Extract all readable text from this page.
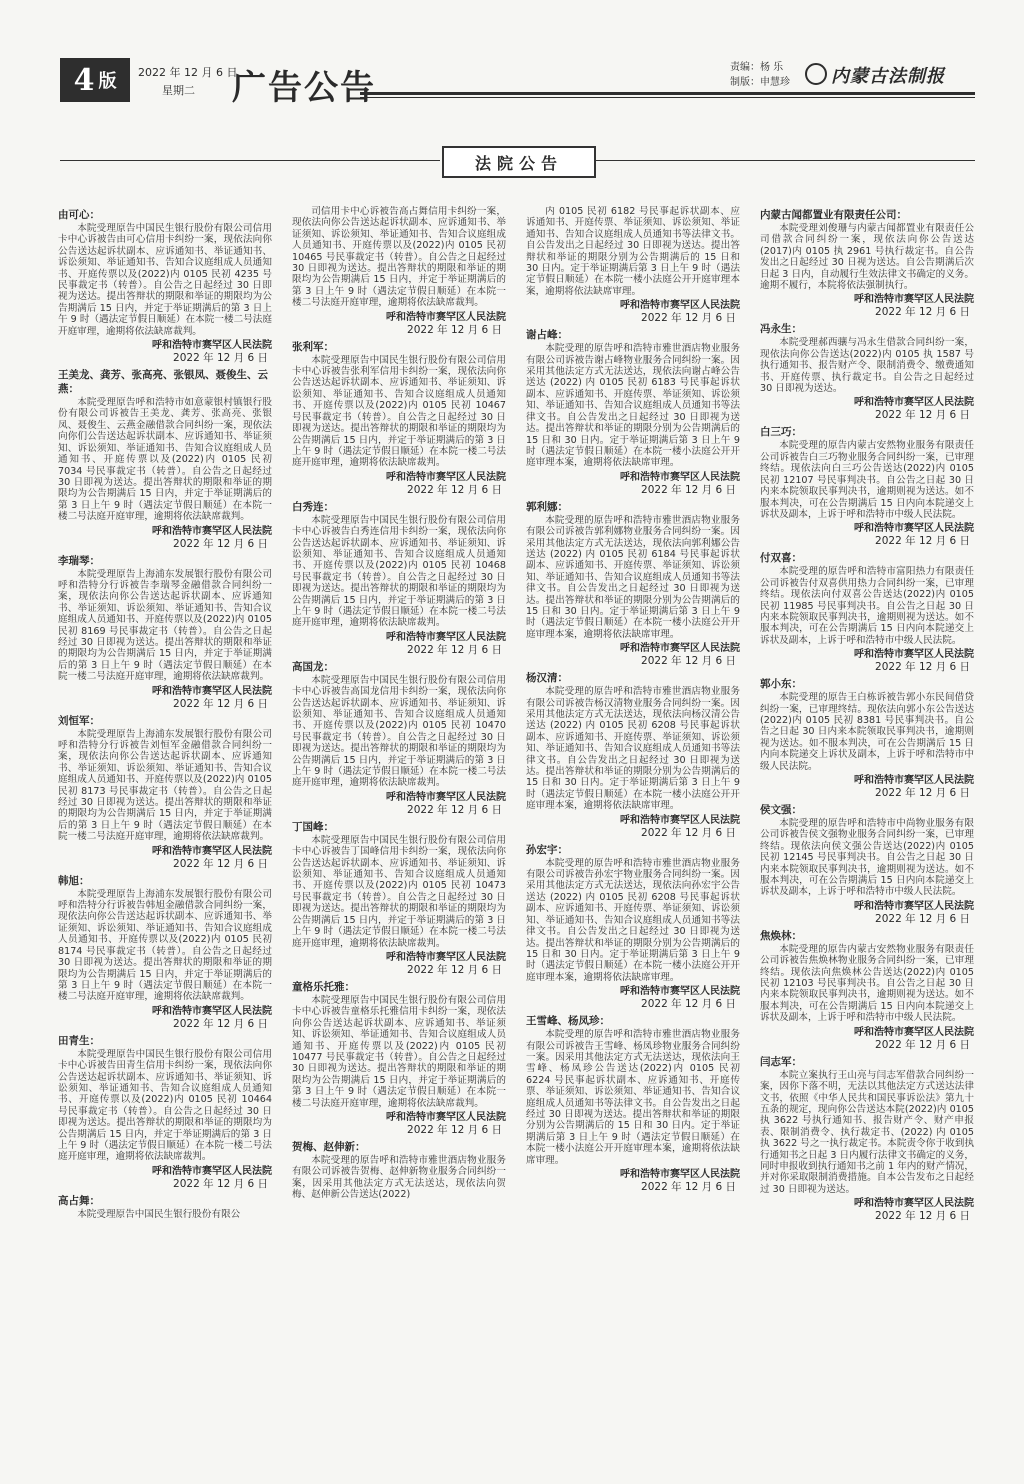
4 版 2022 年 12 月 6 日
星期二	广告公告
责编：杨 乐
制版：申慧珍	内蒙古法制报
法院公告
由可心：

本院受理原告中国民生银行股份有限公司信用卡中心诉被告由可心信用卡纠纷一案，现依法向你公告送达起诉状副本、应诉通知书、举证通知书、诉讼须知、举证通知书、告知合议庭组成人员通知书、开庭传票以及(2022)内 0105 民初 4235 号民事裁定书（转普）。自公告之日起经过 30 日即视为送达。提出答辩状的期限和举证的期限均为公告期满后 15 日内，并定于举证期满后的第 3 日上午 9 时（遇法定节假日顺延）在本院一楼二号法庭开庭审理，逾期将依法缺席裁判。

呼和浩特市赛罕区人民法院
2022 年 12 月 6 日
王美龙、龚芳、张高亮、张银凤、聂俊生、云燕：

本院受理原告呼和浩特市如意蒙银村镇银行股份有限公司诉被告王美龙、龚芳、张高亮、张银凤、聂俊生、云燕金融借款合同纠纷一案，现依法向你们公告送达起诉状副本、应诉通知书、举证须知、诉讼须知、举证通知书、告知合议庭组成人员通知书、开庭传票以及(2022)内 0105 民初 7034 号民事裁定书（转普）。自公告之日起经过 30 日即视为送达。提出答辩状的期限和举证的期限均为公告期满后 15 日内，并定于举证期满后的第 3 日上午 9 时（遇法定节假日顺延）在本院一楼二号法庭开庭审理，逾期将依法缺席裁判。

呼和浩特市赛罕区人民法院
2022 年 12 月 6 日
李瑞琴：

本院受理原告上海浦东发展银行股份有限公司呼和浩特分行诉被告李瑞琴金融借款合同纠纷一案，现依法向你公告送达起诉状副本、应诉通知书、举证须知、诉讼须知、举证通知书、告知合议庭组成人员通知书、开庭传票以及(2022)内 0105 民初 8169 号民事裁定书（转普）。自公告之日起经过 30 日即视为送达。提出答辩状的期限和举证的期限均为公告期满后 15 日内，并定于举证期满后的第 3 日上午 9 时（遇法定节假日顺延）在本院一楼二号法庭开庭审理，逾期将依法缺席裁判。

呼和浩特市赛罕区人民法院
2022 年 12 月 6 日
刘恒军：

本院受理原告上海浦东发展银行股份有限公司呼和浩特分行诉被告刘恒军金融借款合同纠纷一案，现依法向你公告送达起诉状副本、应诉通知书、举证须知、诉讼须知、举证通知书、告知合议庭组成人员通知书、开庭传票以及(2022)内 0105 民初 8173 号民事裁定书（转普）。自公告之日起经过 30 日即视为送达。提出答辩状的期限和举证的期限均为公告期满后 15 日内，并定于举证期满后的第 3 日上午 9 时（遇法定节假日顺延）在本院一楼二号法庭开庭审理，逾期将依法缺席裁判。

呼和浩特市赛罕区人民法院
2022 年 12 月 6 日
韩旭：

本院受理原告上海浦东发展银行股份有限公司呼和浩特分行诉被告韩旭金融借款合同纠纷一案，现依法向你公告送达起诉状副本、应诉通知书、举证须知、诉讼须知、举证通知书、告知合议庭组成人员通知书、开庭传票以及(2022)内 0105 民初 8174 号民事裁定书（转普）。自公告之日起经过 30 日即视为送达。提出答辩状的期限和举证的期限均为公告期满后 15 日内，并定于举证期满后的第 3 日上午 9 时（遇法定节假日顺延）在本院一楼二号法庭开庭审理，逾期将依法缺席裁判。

呼和浩特市赛罕区人民法院
2022 年 12 月 6 日
田青生：

本院受理原告中国民生银行股份有限公司信用卡中心诉被告田青生信用卡纠纷一案，现依法向你公告送达起诉状副本、应诉通知书、举证须知、诉讼须知、举证通知书、告知合议庭组成人员通知书、开庭传票以及(2022)内 0105 民初 10464 号民事裁定书（转普）。自公告之日起经过 30 日即视为送达。提出答辩状的期限和举证的期限均为公告期满后 15 日内，并定于举证期满后的第 3 日上午 9 时（遇法定节假日顺延）在本院一楼二号法庭开庭审理，逾期将依法缺席裁判。

呼和浩特市赛罕区人民法院
2022 年 12 月 6 日
高占舞：

本院受理原告中国民生银行股份有限公

司信用卡中心诉被告高占舞信用卡纠纷一案，现依法向你公告送达起诉状副本、应诉通知书、举证须知、诉讼须知、举证通知书、告知合议庭组成人员通知书、开庭传票以及(2022)内 0105 民初 10465 号民事裁定书（转普）。自公告之日起经过 30 日即视为送达。提出答辩状的期限和举证的期限均为公告期满后 15 日内，并定于举证期满后的第 3 日上午 9 时（遇法定节假日顺延）在本院一楼二号法庭开庭审理，逾期将依法缺席裁判。

呼和浩特市赛罕区人民法院
2022 年 12 月 6 日
张利军：

本院受理原告中国民生银行股份有限公司信用卡中心诉被告张利军信用卡纠纷一案，现依法向你公告送达起诉状副本、应诉通知书、举证须知、诉讼须知、举证通知书、告知合议庭组成人员通知书、开庭传票以及(2022)内 0105 民初 10467 号民事裁定书（转普）。自公告之日起经过 30 日即视为送达。提出答辩状的期限和举证的期限均为公告期满后 15 日内，并定于举证期满后的第 3 日上午 9 时（遇法定节假日顺延）在本院一楼二号法庭开庭审理，逾期将依法缺席裁判。

呼和浩特市赛罕区人民法院
2022 年 12 月 6 日
白秀连：

本院受理原告中国民生银行股份有限公司信用卡中心诉被告白秀连信用卡纠纷一案，现依法向你公告送达起诉状副本、应诉通知书、举证须知、诉讼须知、举证通知书、告知合议庭组成人员通知书、开庭传票以及(2022)内 0105 民初 10468 号民事裁定书（转普）。自公告之日起经过 30 日即视为送达。提出答辩状的期限和举证的期限均为公告期满后 15 日内，并定于举证期满后的第 3 日上午 9 时（遇法定节假日顺延）在本院一楼二号法庭开庭审理，逾期将依法缺席裁判。

呼和浩特市赛罕区人民法院
2022 年 12 月 6 日
高国龙：

本院受理原告中国民生银行股份有限公司信用卡中心诉被告高国龙信用卡纠纷一案，现依法向你公告送达起诉状副本、应诉通知书、举证须知、诉讼须知、举证通知书、告知合议庭组成人员通知书、开庭传票以及(2022)内 0105 民初 10470 号民事裁定书（转普）。自公告之日起经过 30 日即视为送达。提出答辩状的期限和举证的期限均为公告期满后 15 日内，并定于举证期满后的第 3 日上午 9 时（遇法定节假日顺延）在本院一楼二号法庭开庭审理，逾期将依法缺席裁判。

呼和浩特市赛罕区人民法院
2022 年 12 月 6 日
丁国峰：

本院受理原告中国民生银行股份有限公司信用卡中心诉被告丁国峰信用卡纠纷一案，现依法向你公告送达起诉状副本、应诉通知书、举证须知、诉讼须知、举证通知书、告知合议庭组成人员通知书、开庭传票以及(2022)内 0105 民初 10473 号民事裁定书（转普）。自公告之日起经过 30 日即视为送达。提出答辩状的期限和举证的期限均为公告期满后 15 日内，并定于举证期满后的第 3 日上午 9 时（遇法定节假日顺延）在本院一楼二号法庭开庭审理，逾期将依法缺席裁判。

呼和浩特市赛罕区人民法院
2022 年 12 月 6 日
童格乐托雅：

本院受理原告中国民生银行股份有限公司信用卡中心诉被告童格乐托雅信用卡纠纷一案，现依法向你公告送达起诉状副本、应诉通知书、举证须知、诉讼须知、举证通知书、告知合议庭组成人员通知书、开庭传票以及(2022)内 0105 民初 10477 号民事裁定书（转普）。自公告之日起经过 30 日即视为送达。提出答辩状的期限和举证的期限均为公告期满后 15 日内，并定于举证期满后的第 3 日上午 9 时（遇法定节假日顺延）在本院一楼二号法庭开庭审理，逾期将依法缺席裁判。

呼和浩特市赛罕区人民法院
2022 年 12 月 6 日
贺梅、赵伸新：

本院受理的原告呼和浩特市雅世酒店物业服务有限公司诉被告贺梅、赵伸新物业服务合同纠纷一案，因采用其他法定方式无法送达，现依法向贺梅、赵伸新公告送达(2022)

内 0105 民初 6182 号民事起诉状副本、应诉通知书、开庭传票、举证须知、诉讼须知、举证通知书、告知合议庭组成人员通知书等法律文书。自公告发出之日起经过 30 日即视为送达。提出答辩状和举证的期限分别为公告期满后的 15 日和 30 日内。定于举证期满后第 3 日上午 9 时（遇法定节假日顺延）在本院一楼小法庭公开开庭审理本案，逾期将依法缺席审理。

呼和浩特市赛罕区人民法院
2022 年 12 月 6 日
谢占峰：

本院受理的原告呼和浩特市雅世酒店物业服务有限公司诉被告谢占峰物业服务合同纠纷一案。因采用其他法定方式无法送达，现依法向谢占峰公告送达 (2022) 内 0105 民初 6183 号民事起诉状副本、应诉通知书、开庭传票、举证须知、诉讼须知、举证通知书、告知合议庭组成人员通知书等法律文书。自公告发出之日起经过 30 日即视为送达。提出答辩状和举证的期限分别为公告期满后的 15 日和 30 日内。定于举证期满后第 3 日上午 9 时（遇法定节假日顺延）在本院一楼小法庭公开开庭审理本案，逾期将依法缺席审理。

呼和浩特市赛罕区人民法院
2022 年 12 月 6 日
郭利娜：

本院受理的原告呼和浩特市雅世酒店物业服务有限公司诉被告郭利娜物业服务合同纠纷一案。因采用其他法定方式无法送达，现依法向郭利娜公告送达 (2022) 内 0105 民初 6184 号民事起诉状副本、应诉通知书、开庭传票、举证须知、诉讼须知、举证通知书、告知合议庭组成人员通知书等法律文书。自公告发出之日起经过 30 日即视为送达。提出答辩状和举证的期限分别为公告期满后的 15 日和 30 日内。定于举证期满后第 3 日上午 9 时（遇法定节假日顺延）在本院一楼小法庭公开开庭审理本案，逾期将依法缺席审理。

呼和浩特市赛罕区人民法院
2022 年 12 月 6 日
杨汉清：

本院受理的原告呼和浩特市雅世酒店物业服务有限公司诉被告杨汉清物业服务合同纠纷一案。因采用其他法定方式无法送达，现依法向杨汉清公告送达 (2022) 内 0105 民初 6208 号民事起诉状副本、应诉通知书、开庭传票、举证须知、诉讼须知、举证通知书、告知合议庭组成人员通知书等法律文书。自公告发出之日起经过 30 日即视为送达。提出答辩状和举证的期限分别为公告期满后的 15 日和 30 日内。定于举证期满后第 3 日上午 9 时（遇法定节假日顺延）在本院一楼小法庭公开开庭审理本案，逾期将依法缺席审理。

呼和浩特市赛罕区人民法院
2022 年 12 月 6 日
孙宏宇：

本院受理的原告呼和浩特市雅世酒店物业服务有限公司诉被告孙宏宇物业服务合同纠纷一案。因采用其他法定方式无法送达，现依法向孙宏宇公告送达 (2022) 内 0105 民初 6208 号民事起诉状副本、应诉通知书、开庭传票、举证须知、诉讼须知、举证通知书、告知合议庭组成人员通知书等法律文书。自公告发出之日起经过 30 日即视为送达。提出答辩状和举证的期限分别为公告期满后的 15 日和 30 日内。定于举证期满后第 3 日上午 9 时（遇法定节假日顺延）在本院一楼小法庭公开开庭审理本案，逾期将依法缺席审理。

呼和浩特市赛罕区人民法院
2022 年 12 月 6 日
王雪峰、杨凤珍：

本院受理的原告呼和浩特市雅世酒店物业服务有限公司诉被告王雪峰、杨凤珍物业服务合同纠纷一案。因采用其他法定方式无法送达，现依法向王雪峰、杨凤珍公告送达(2022)内 0105 民初 6224 号民事起诉状副本、应诉通知书、开庭传票、举证须知、诉讼须知、举证通知书、告知合议庭组成人员通知书等法律文书。自公告发出之日起经过 30 日即视为送达。提出答辩状和举证的期限分别为公告期满后的 15 日和 30 日内。定于举证期满后第 3 日上午 9 时（遇法定节假日顺延）在本院一楼小法庭公开开庭审理本案，逾期将依法缺席审理。

呼和浩特市赛罕区人民法院
2022 年 12 月 6 日
内蒙古闻都置业有限责任公司：

本院受理刘俊珊与内蒙古闻都置业有限责任公司借款合同纠纷一案，现依法向你公告送达(2017)内 0105 执 2961 号执行裁定书。自公告发出之日起经过 30 日视为送达。自公告期满后次日起 3 日内，自动履行生效法律文书确定的义务。逾期不履行，本院将依法强制执行。

呼和浩特市赛罕区人民法院
2022 年 12 月 6 日
冯永生：

本院受理郝西骧与冯永生借款合同纠纷一案，现依法向你公告送达(2022)内 0105 执 1587 号执行通知书、报告财产令、限制消费令、缴费通知书、开庭传票、执行裁定书。自公告之日起经过 30 日即视为送达。

呼和浩特市赛罕区人民法院
2022 年 12 月 6 日
白三巧：

本院受理的原告内蒙古安然物业服务有限责任公司诉被告白三巧物业服务合同纠纷一案，已审理终结。现依法向白三巧公告送达(2022)内 0105 民初 12107 号民事判决书。自公告之日起 30 日内来本院领取民事判决书，逾期则视为送达。如不服本判决，可在公告期满后 15 日内向本院递交上诉状及副本，上诉于呼和浩特市中级人民法院。

呼和浩特市赛罕区人民法院
2022 年 12 月 6 日
付双喜：

本院受理的原告呼和浩特市富阳热力有限责任公司诉被告付双喜供用热力合同纠纷一案，已审理终结。现依法向付双喜公告送达(2022)内 0105 民初 11985 号民事判决书。自公告之日起 30 日内来本院领取民事判决书，逾期则视为送达。如不服本判决，可在公告期满后 15 日内向本院递交上诉状及副本，上诉于呼和浩特市中级人民法院。

呼和浩特市赛罕区人民法院
2022 年 12 月 6 日
郭小东：

本院受理的原告王白栋诉被告郭小东民间借贷纠纷一案，已审理终结。现依法向郭小东公告送达(2022)内 0105 民初 8381 号民事判决书。自公告之日起 30 日内来本院领取民事判决书，逾期则视为送达。如不服本判决，可在公告期满后 15 日内向本院递交上诉状及副本，上诉于呼和浩特市中级人民法院。

呼和浩特市赛罕区人民法院
2022 年 12 月 6 日
侯文强：

本院受理的原告呼和浩特市中尚物业服务有限公司诉被告侯文强物业服务合同纠纷一案，已审理终结。现依法向侯文强公告送达(2022)内 0105 民初 12145 号民事判决书。自公告之日起 30 日内来本院领取民事判决书，逾期则视为送达。如不服本判决，可在公告期满后 15 日内向本院递交上诉状及副本，上诉于呼和浩特市中级人民法院。

呼和浩特市赛罕区人民法院
2022 年 12 月 6 日
焦焕林：

本院受理的原告内蒙古安然物业服务有限责任公司诉被告焦焕林物业服务合同纠纷一案，已审理终结。现依法向焦焕林公告送达(2022)内 0105 民初 12103 号民事判决书。自公告之日起 30 日内来本院领取民事判决书，逾期则视为送达。如不服本判决，可在公告期满后 15 日内向本院递交上诉状及副本，上诉于呼和浩特市中级人民法院。

呼和浩特市赛罕区人民法院
2022 年 12 月 6 日
闫志军：

本院立案执行王山亮与闫志军借款合同纠纷一案，因你下落不明，无法以其他法定方式送达法律文书，依照《中华人民共和国民事诉讼法》第九十五条的规定，现向你公告送达本院(2022)内 0105 执 3622 号执行通知书、报告财产令、财产申报表、限制消费令、执行裁定书、(2022) 内 0105 执 3622 号之一执行裁定书。本院责令你于收到执行通知书之日起 3 日内履行法律文书确定的义务，同时申报收到执行通知书之前 1 年内的财产情况，并对你采取限制消费措施。自本公告发布之日起经过 30 日即视为送达。

呼和浩特市赛罕区人民法院
2022 年 12 月 6 日
